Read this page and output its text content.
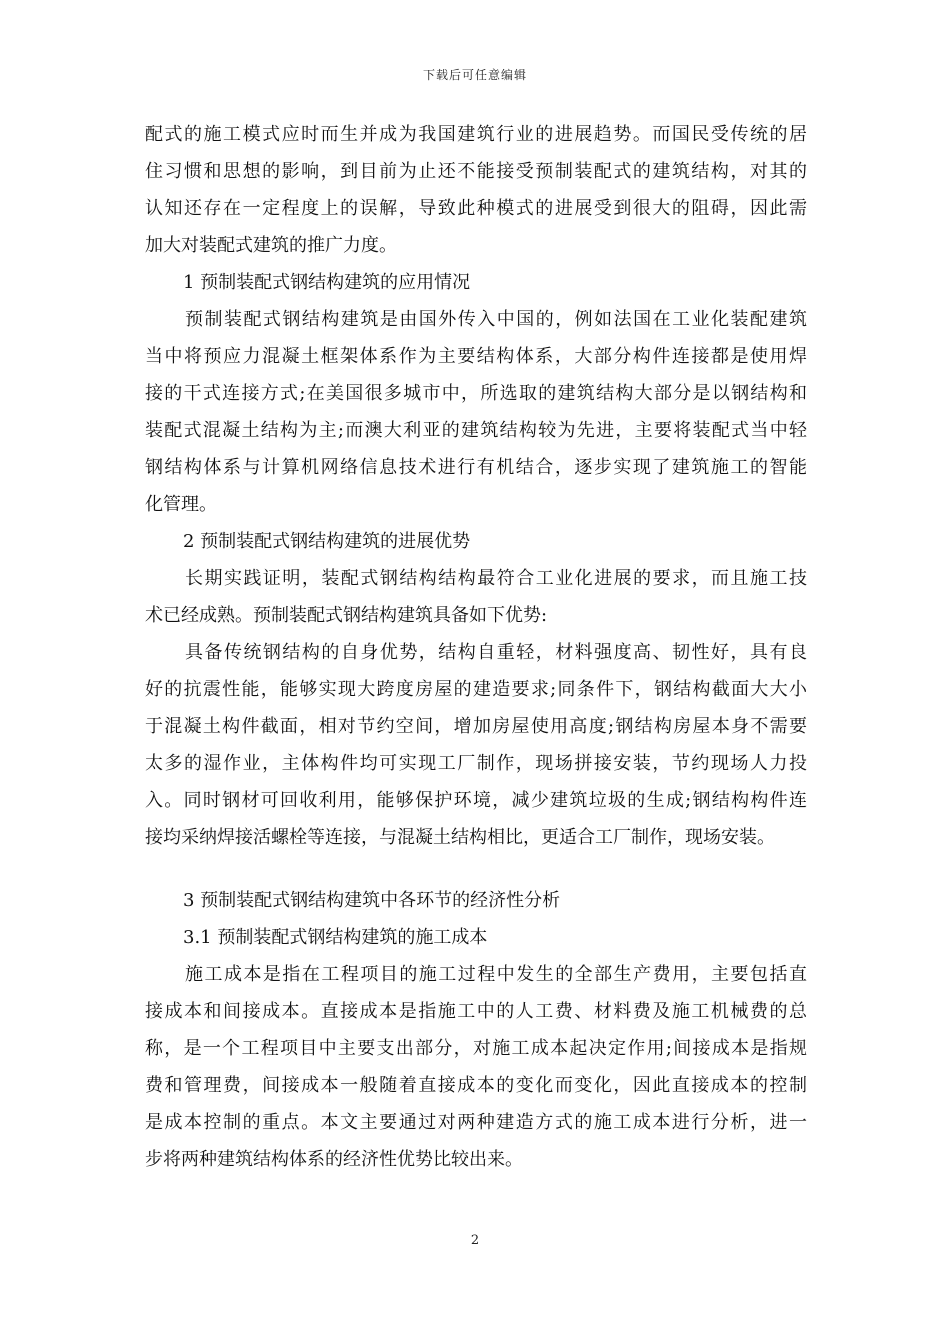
下载后可任意编辑
配式的施工模式应时而生并成为我国建筑行业的进展趋势。而国民受传统的居
住习惯和思想的影响，到目前为止还不能接受预制装配式的建筑结构，对其的
认知还存在一定程度上的误解，导致此种模式的进展受到很大的阻碍，因此需
加大对装配式建筑的推广力度。
1 预制装配式钢结构建筑的应用情况
预制装配式钢结构建筑是由国外传入中国的，例如法国在工业化装配建筑
当中将预应力混凝土框架体系作为主要结构体系，大部分构件连接都是使用焊
接的干式连接方式;在美国很多城市中，所选取的建筑结构大部分是以钢结构和
装配式混凝土结构为主;而澳大利亚的建筑结构较为先进，主要将装配式当中轻
钢结构体系与计算机网络信息技术进行有机结合，逐步实现了建筑施工的智能
化管理。
2 预制装配式钢结构建筑的进展优势
长期实践证明，装配式钢结构结构最符合工业化进展的要求，而且施工技
术已经成熟。预制装配式钢结构建筑具备如下优势:
具备传统钢结构的自身优势，结构自重轻，材料强度高、韧性好，具有良
好的抗震性能，能够实现大跨度房屋的建造要求;同条件下，钢结构截面大大小
于混凝土构件截面，相对节约空间，增加房屋使用高度;钢结构房屋本身不需要
太多的湿作业，主体构件均可实现工厂制作，现场拼接安装，节约现场人力投
入。同时钢材可回收利用，能够保护环境，减少建筑垃圾的生成;钢结构构件连
接均采纳焊接活螺栓等连接，与混凝土结构相比，更适合工厂制作，现场安装。
3 预制装配式钢结构建筑中各环节的经济性分析
3.1 预制装配式钢结构建筑的施工成本
施工成本是指在工程项目的施工过程中发生的全部生产费用，主要包括直
接成本和间接成本。直接成本是指施工中的人工费、材料费及施工机械费的总
称，是一个工程项目中主要支出部分，对施工成本起决定作用;间接成本是指规
费和管理费，间接成本一般随着直接成本的变化而变化，因此直接成本的控制
是成本控制的重点。本文主要通过对两种建造方式的施工成本进行分析，进一
步将两种建筑结构体系的经济性优势比较出来。
2
